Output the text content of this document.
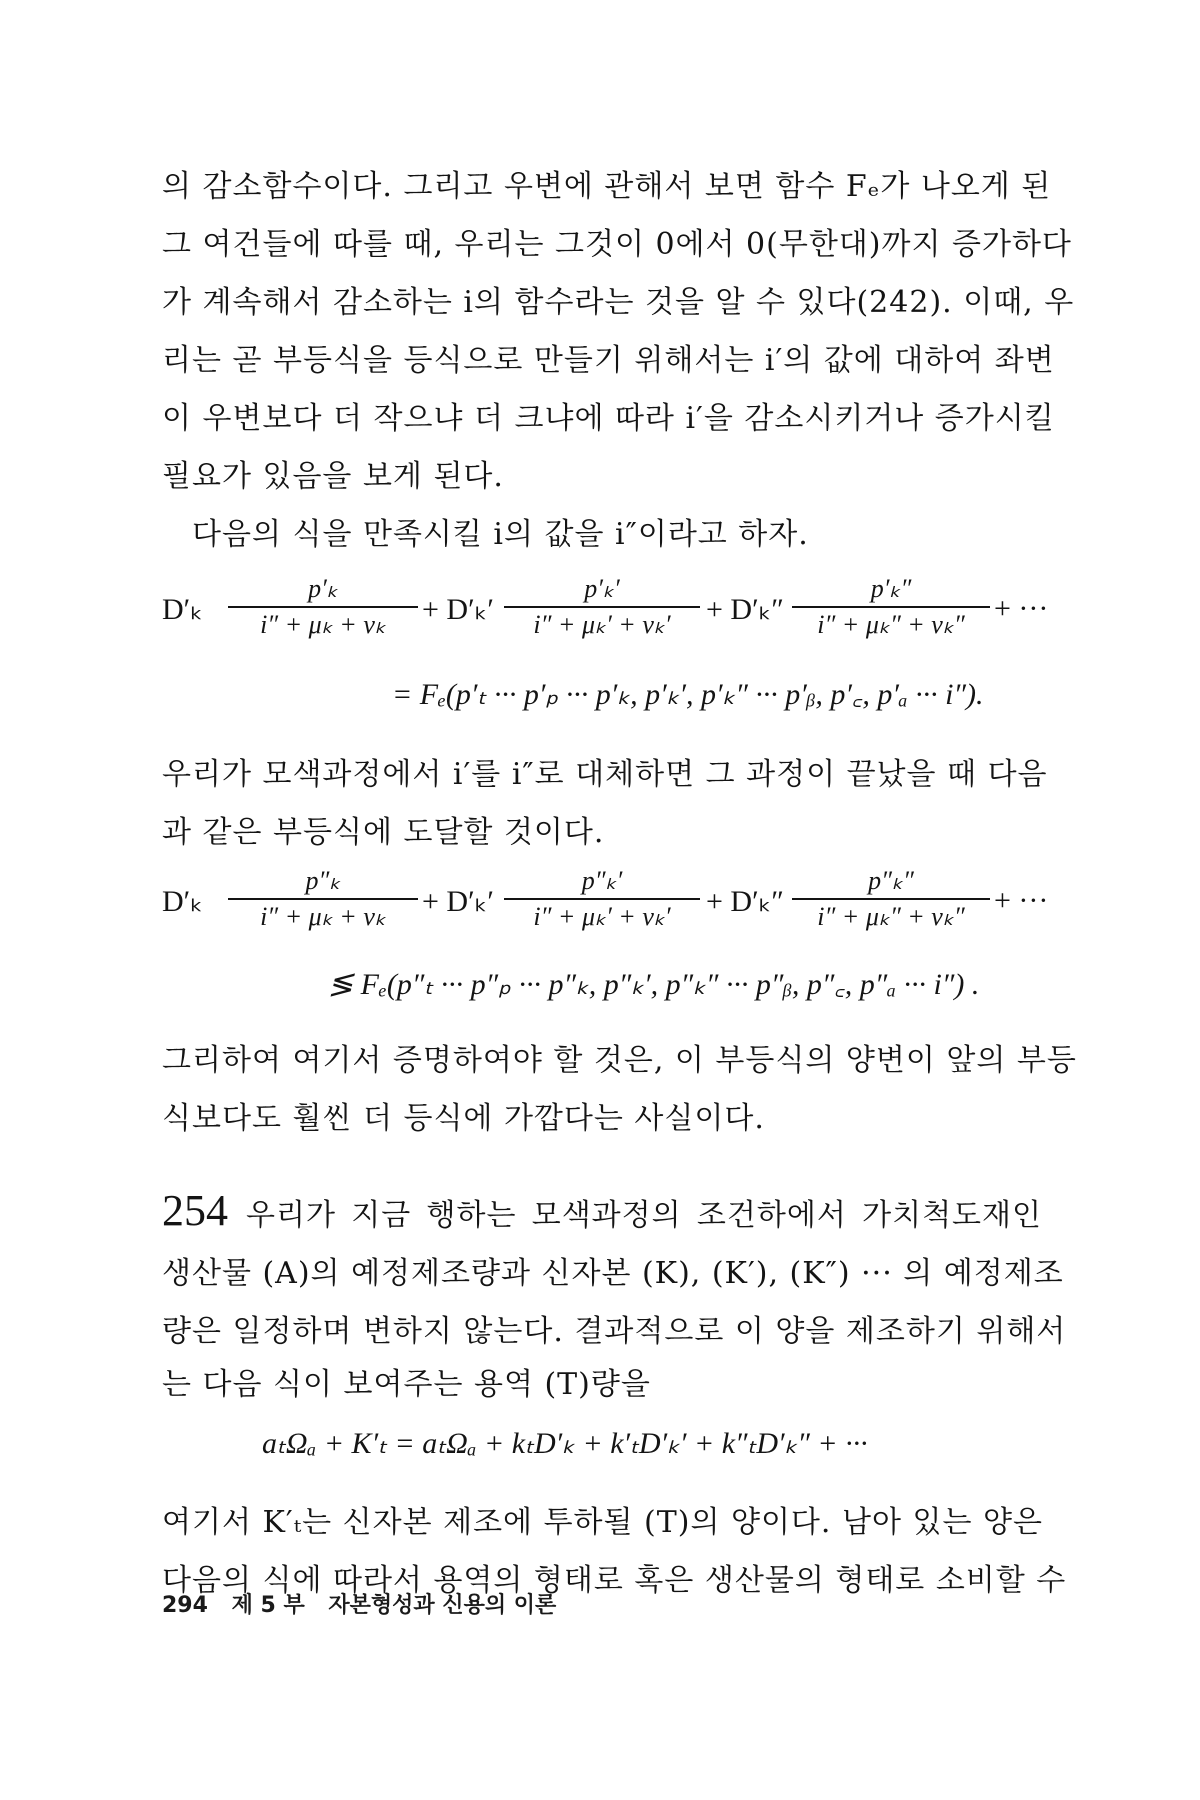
의 감소함수이다. 그리고 우변에 관해서 보면 함수 Fₑ가 나오게 된
그 여건들에 따를 때, 우리는 그것이 0에서 0(무한대)까지 증가하다
가 계속해서 감소하는 i의 함수라는 것을 알 수 있다(242). 이때, 우
리는 곧 부등식을 등식으로 만들기 위해서는 i′의 값에 대하여 좌변
이 우변보다 더 작으냐 더 크냐에 따라 i′을 감소시키거나 증가시킬
필요가 있음을 보게 된다.
다음의 식을 만족시킬 i의 값을 i″이라고 하자.
D′ₖ
p′ₖ
i″ + μₖ + νₖ	+ D′ₖ′
p′ₖ′
i″ + μₖ′ + νₖ′	+ D′ₖ″
p′ₖ″
i″ + μₖ″ + νₖ″ + ···
= Fₑ(p′ₜ ··· p′ₚ ··· p′ₖ, p′ₖ′, p′ₖ″ ··· p′ᵦ, p′꜀, p′ₐ ··· i″).
우리가 모색과정에서 i′를 i″로 대체하면 그 과정이 끝났을 때 다음
과 같은 부등식에 도달할 것이다.
D′ₖ
p″ₖ
i″ + μₖ + νₖ	+ D′ₖ′
p″ₖ′
i″ + μₖ′ + νₖ′	+ D′ₖ″
p″ₖ″
i″ + μₖ″ + νₖ″ + ···
≶ Fₑ(p″ₜ ··· p″ₚ ··· p″ₖ, p″ₖ′, p″ₖ″ ··· p″ᵦ, p″꜀, p″ₐ ··· i″) .
그리하여 여기서 증명하여야 할 것은, 이 부등식의 양변이 앞의 부등
식보다도 훨씬 더 등식에 가깝다는 사실이다.
254 우리가 지금 행하는 모색과정의 조건하에서 가치척도재인
생산물 (A)의 예정제조량과 신자본 (K), (K′), (K″) ··· 의 예정제조
량은 일정하며 변하지 않는다. 결과적으로 이 양을 제조하기 위해서
는 다음 식이 보여주는 용역 (T)량을
aₜΩₐ + K′ₜ = aₜΩₐ + kₜD′ₖ + k′ₜD′ₖ′ + k″ₜD′ₖ″ + ···
여기서 K′ₜ는 신자본 제조에 투하될 (T)의 양이다. 남아 있는 양은
다음의 식에 따라서 용역의 형태로 혹은 생산물의 형태로 소비할 수
294 제 5 부 자본형성과 신용의 이론
